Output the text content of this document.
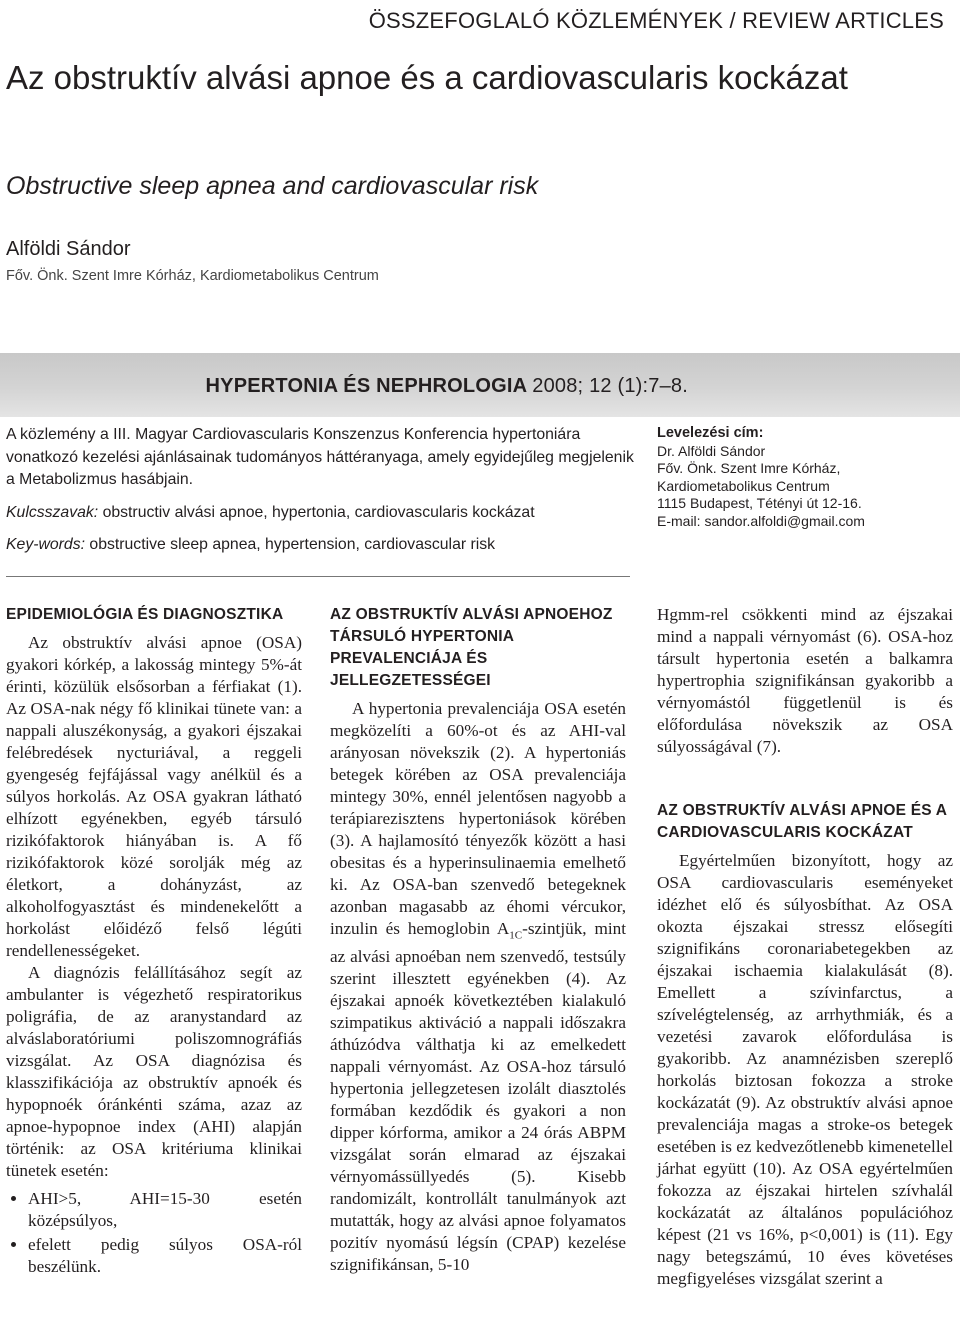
ÖSSZEFOGLALÓ KÖZLEMÉNYEK / REVIEW ARTICLES
Az obstruktív alvási apnoe és a cardiovascularis kockázat
Obstructive sleep apnea and cardiovascular risk
Alföldi Sándor
Főv. Önk. Szent Imre Kórház, Kardiometabolikus Centrum
HYPERTONIA ÉS NEPHROLOGIA 2008; 12 (1):7–8.

A közlemény a III. Magyar Cardiovascularis Konszenzus Konferencia hypertoniára vonatkozó kezelési ajánlásainak tudományos háttéranyaga, amely egyidejűleg megjelenik a Metabolizmus hasábjain.

Kulcsszavak: obstructiv alvási apnoe, hypertonia, cardiovascularis kockázat

Key-words: obstructive sleep apnea, hypertension, cardiovascular risk

Levelezési cím:
Dr. Alföldi Sándor
Főv. Önk. Szent Imre Kórház,
Kardiometabolikus Centrum
1115 Budapest, Tétényi út 12-16.
E-mail: sandor.alfoldi@gmail.com
EPIDEMIOLÓGIA ÉS DIAGNOSZTIKA

Az obstruktív alvási apnoe (OSA) gyakori kórkép, a lakosság mintegy 5%-át érinti, közülük elsősorban a férfiakat (1). Az OSA-nak négy fő klinikai tünete van: a nappali aluszékonyság, a gyakori éjszakai felébredések nycturiával, a reggeli gyengeség fejfájással vagy anélkül és a súlyos horkolás. Az OSA gyakran látható elhízott egyénekben, egyéb társuló rizikófaktorok hiányában is. A fő rizikófaktorok közé sorolják még az életkort, a dohányzást, az alkoholfogyasztást és mindenekelőtt a horkolást előidéző felső légúti rendellenességeket.

A diagnózis felállításához segít az ambulanter is végezhető respiratorikus poligráfia, de az aranystandard az alváslaboratóriumi poliszomnográfiás vizsgálat. Az OSA diagnózisa és klasszifikációja az obstruktív apnoék és hypopnoék óránkénti száma, azaz az apnoe-hypopnoe index (AHI) alapján történik: az OSA kritériuma klinikai tünetek esetén:

• AHI>5, AHI=15-30 esetén középsúlyos,
• efelett pedig súlyos OSA-ról beszélünk.
AZ OBSTRUKTÍV ALVÁSI APNOEHOZ TÁRSULÓ HYPERTONIA PREVALENCIÁJA ÉS JELLEGZETESSÉGEI

A hypertonia prevalenciája OSA esetén megközelíti a 60%-ot és az AHI-val arányosan növekszik (2). A hypertoniás betegek körében az OSA prevalenciája mintegy 30%, ennél jelentősen nagyobb a terápiarezisztens hypertoniások körében (3). A hajlamosító tényezők között a hasi obesitas és a hyperinsulinaemia emelhető ki. Az OSA-ban szenvedő betegeknek azonban magasabb az éhomi vércukor, inzulin és hemoglobin $A_{1C}$-szintjük, mint az alvási apnoéban nem szenvedő, testsúly szerint illesztett egyénekben (4). Az éjszakai apnoék következtében kialakuló szimpatikus aktiváció a nappali időszakra áthúzódva válthatja ki az emelkedett nappali vérnyomást. Az OSA-hoz társuló hypertonia jellegzetesen izolált diasztolés formában kezdődik és gyakori a non dipper kórforma, amikor a 24 órás ABPM vizsgálat során elmarad az éjszakai vérnyomássüllyedés (5). Kisebb randomizált, kontrollált tanulmányok azt mutatták, hogy az alvási apnoe folyamatos pozitív nyomású légsín (CPAP) kezelése szignifikánsan, 5-10

Hgmm-rel csökkenti mind az éjszakai mind a nappali vérnyomást (6). OSA-hoz társult hypertonia esetén a balkamra hypertrophia szignifikánsan gyakoribb a vérnyomástól függetlenül is és előfordulása növekszik az OSA súlyosságával (7).

AZ OBSTRUKTÍV ALVÁSI APNOE ÉS A CARDIOVASCULARIS KOCKÁZAT

Egyértelműen bizonyított, hogy az OSA cardiovascularis eseményeket idézhet elő és súlyosbíthat. Az OSA okozta éjszakai stressz elősegíti szignifikáns coronariabetegekben az éjszakai ischaemia kialakulását (8). Emellett a szívinfarctus, a szívelégtelenség, az arrhythmiák, és a vezetési zavarok előfordulása is gyakoribb. Az anamnézisben szereplő horkolás biztosan fokozza a stroke kockázatát (9). Az obstruktív alvási apnoe prevalenciája magas a stroke-os betegek esetében is ez kedvezőtlenebb kimenetellel járhat együtt (10). Az OSA egyértelműen fokozza az éjszakai hirtelen szívhalál kockázatát az általános populációhoz képest (21 vs 16%, p<0,001) is (11). Egy nagy betegszámú, 10 éves követéses megfigyeléses vizsgálat szerint a
